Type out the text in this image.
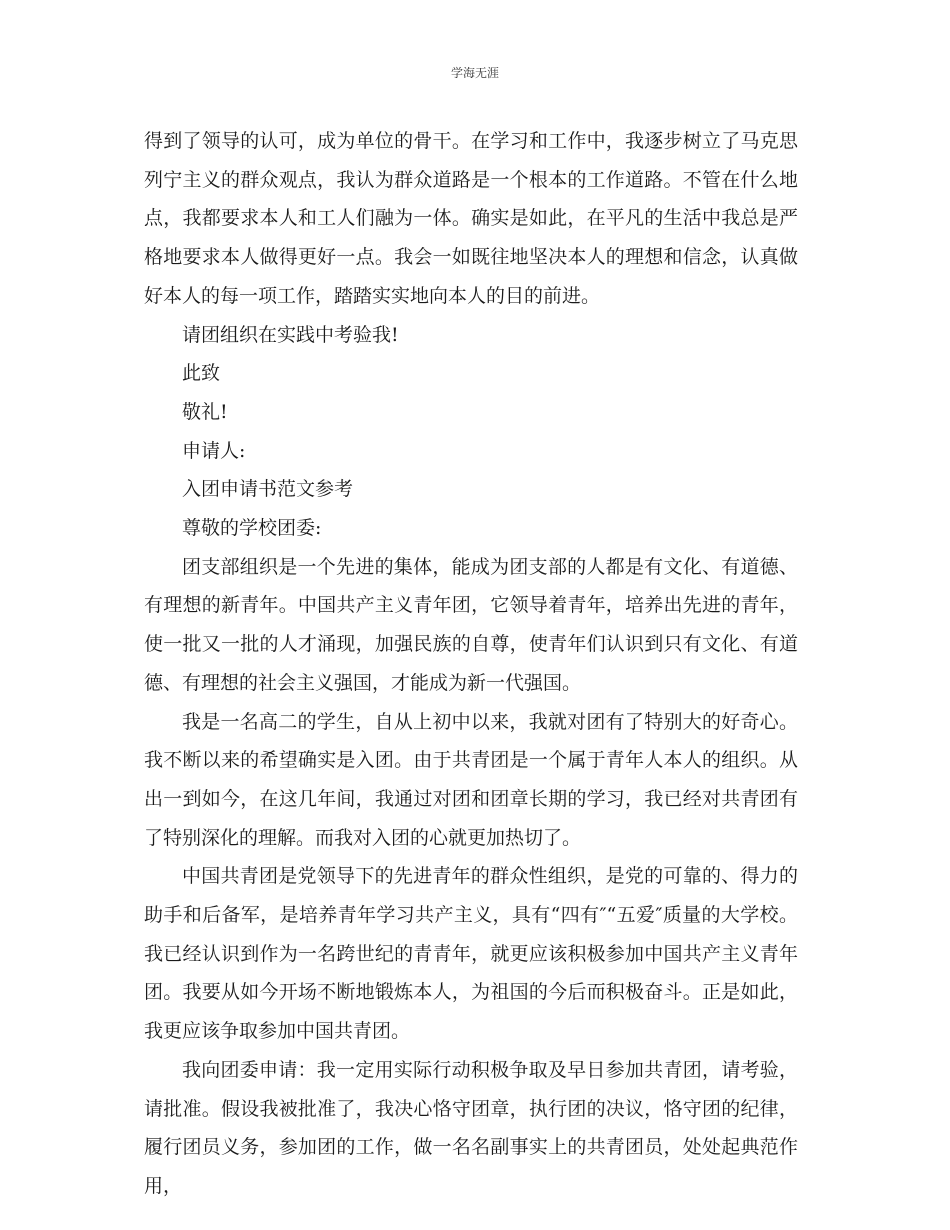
学海无涯

得到了领导的认可，成为单位的骨干。在学习和工作中，我逐步树立了马克思列宁主义的群众观点，我认为群众道路是一个根本的工作道路。不管在什么地点，我都要求本人和工人们融为一体。确实是如此，在平凡的生活中我总是严格地要求本人做得更好一点。我会一如既往地坚决本人的理想和信念，认真做好本人的每一项工作，踏踏实实地向本人的目的前进。

请团组织在实践中考验我!

此致

敬礼!

申请人:

入团申请书范文参考

尊敬的学校团委:

团支部组织是一个先进的集体，能成为团支部的人都是有文化、有道德、有理想的新青年。中国共产主义青年团，它领导着青年，培养出先进的青年，使一批又一批的人才涌现，加强民族的自尊，使青年们认识到只有文化、有道德、有理想的社会主义强国，才能成为新一代强国。

我是一名高二的学生，自从上初中以来，我就对团有了特别大的好奇心。我不断以来的希望确实是入团。由于共青团是一个属于青年人本人的组织。从出一到如今，在这几年间，我通过对团和团章长期的学习，我已经对共青团有了特别深化的理解。而我对入团的心就更加热切了。

中国共青团是党领导下的先进青年的群众性组织，是党的可靠的、得力的助手和后备军，是培养青年学习共产主义，具有“四有″“五爱″质量的大学校。我已经认识到作为一名跨世纪的青青年，就更应该积极参加中国共产主义青年团。我要从如今开场不断地锻炼本人，为祖国的今后而积极奋斗。正是如此，我更应该争取参加中国共青团。

我向团委申请：我一定用实际行动积极争取及早日参加共青团，请考验，请批准。假设我被批准了，我决心恪守团章，执行团的决议，恪守团的纪律，履行团员义务，参加团的工作，做一名名副事实上的共青团员，处处起典范作用，
